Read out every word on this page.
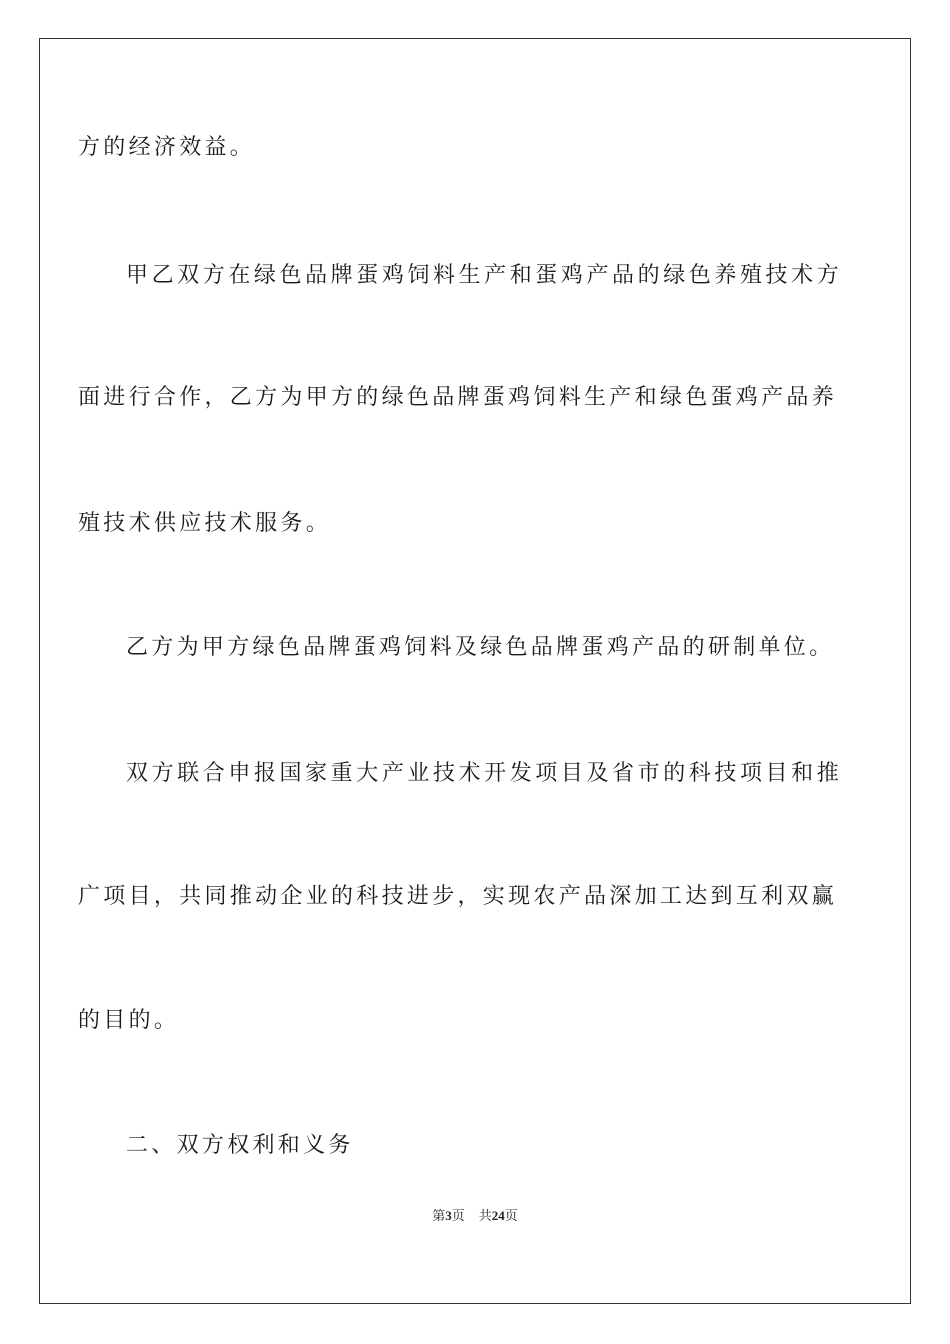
方的经济效益。
甲乙双方在绿色品牌蛋鸡饲料生产和蛋鸡产品的绿色养殖技术方
面进行合作，乙方为甲方的绿色品牌蛋鸡饲料生产和绿色蛋鸡产品养
殖技术供应技术服务。
乙方为甲方绿色品牌蛋鸡饲料及绿色品牌蛋鸡产品的研制单位。
双方联合申报国家重大产业技术开发项目及省市的科技项目和推
广项目，共同推动企业的科技进步，实现农产品深加工达到互利双赢
的目的。
二、双方权利和义务
第3页 共24页
